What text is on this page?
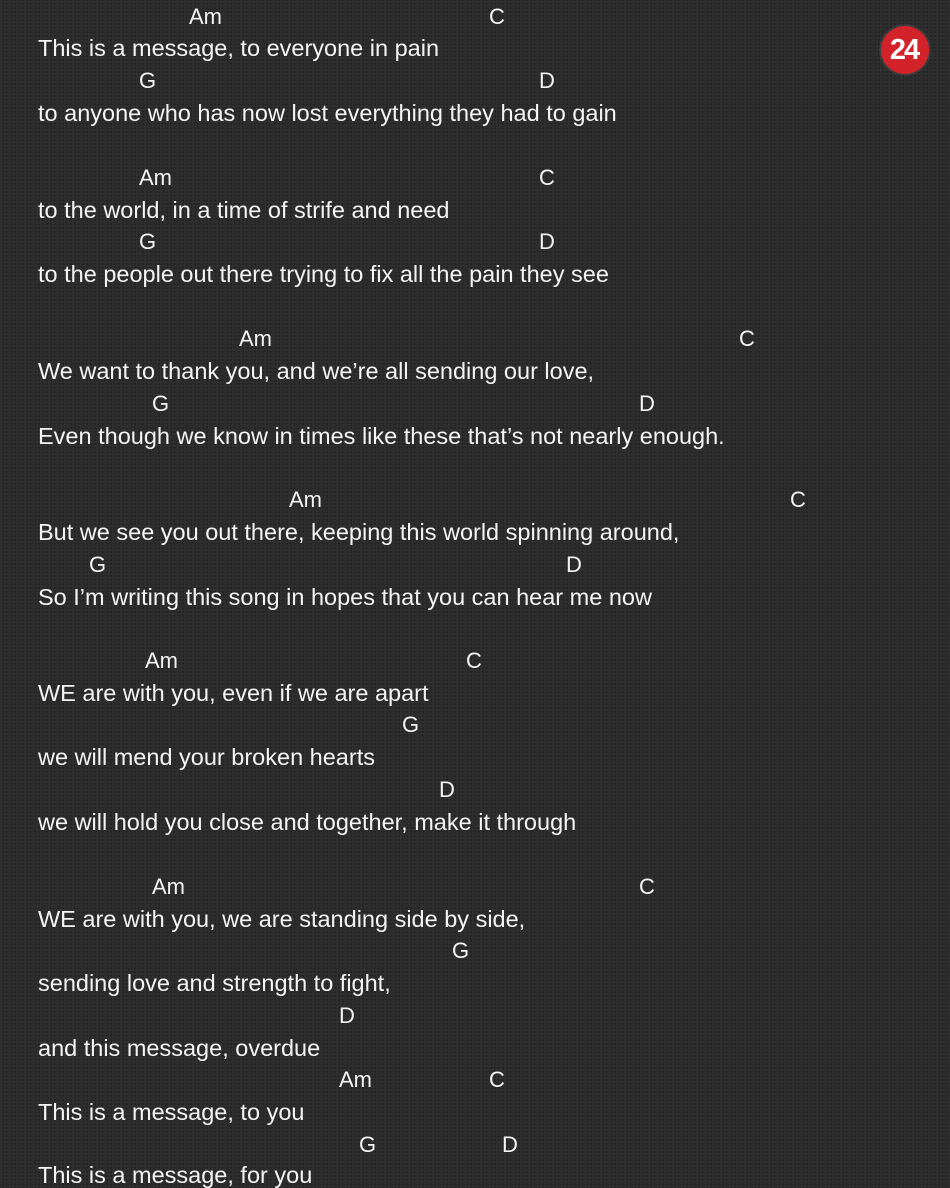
Am	C
This is a message, to everyone in pain
G	D
to anyone who has now lost everything they had to gain
Am	C
to the world, in a time of strife and need
G	D
to the people out there trying to fix all the pain they see
Am	C
We want to thank you, and we’re all sending our love,
G	D
Even though we know in times like these that’s not nearly enough.
Am	C
But we see you out there, keeping this world spinning around,
G	D
So I’m writing this song in hopes that you can hear me now
Am	C
WE are with you, even if we are apart
G
we will mend your broken hearts
D
we will hold you close and together, make it through
Am	C
WE are with you, we are standing side by side,
G
sending love and strength to fight,
D
and this message, overdue
Am	C
This is a message, to you
G	D
This is a message, for you
24
